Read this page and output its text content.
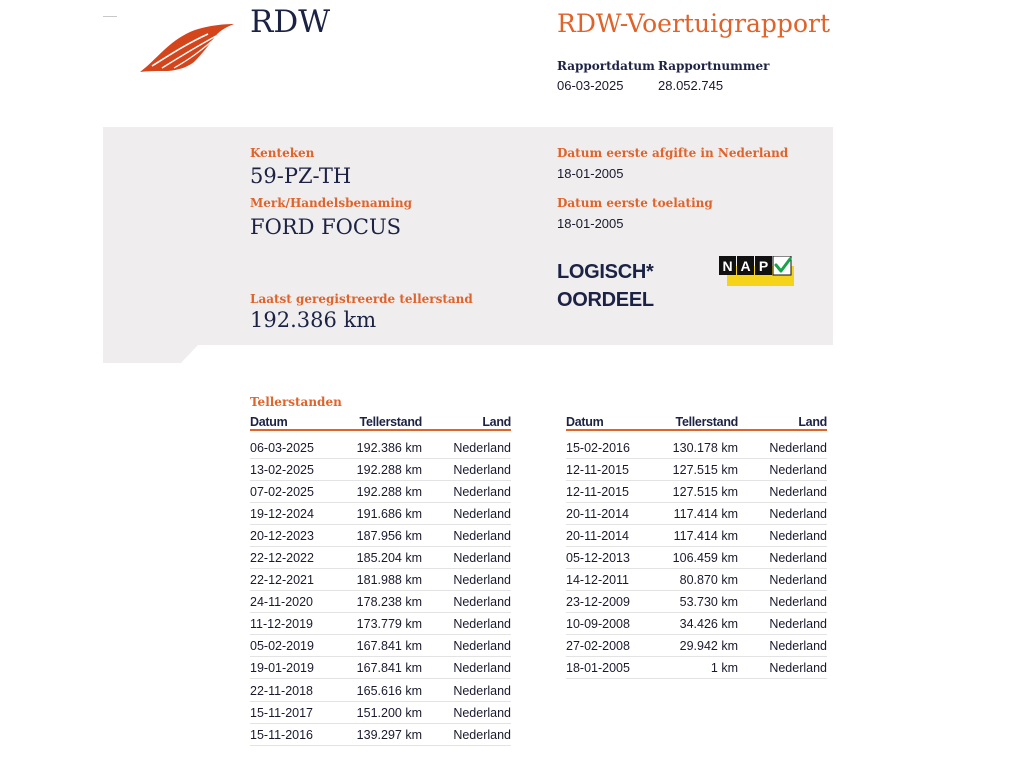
RDW	RDW-Voertuigrapport
Rapportdatum
06-03-2025
Rapportnummer
28.052.745
Kenteken
59-PZ-TH
Merk/Handelsbenaming
FORD FOCUS
Laatst geregistreerde tellerstand
192.386 km
Datum eerste afgifte in Nederland
18-01-2005
Datum eerste toelating
18-01-2005
LOGISCH*
OORDEEL
N A P
Tellerstanden
Datum	Tellerstand	Land
06-03-2025	192.386 km	Nederland
13-02-2025	192.288 km	Nederland
07-02-2025	192.288 km	Nederland
19-12-2024	191.686 km	Nederland
20-12-2023	187.956 km	Nederland
22-12-2022	185.204 km	Nederland
22-12-2021	181.988 km	Nederland
24-11-2020	178.238 km	Nederland
11-12-2019	173.779 km	Nederland
05-02-2019	167.841 km	Nederland
19-01-2019	167.841 km	Nederland
22-11-2018	165.616 km	Nederland
15-11-2017	151.200 km	Nederland
15-11-2016	139.297 km	Nederland
Datum	Tellerstand	Land
15-02-2016	130.178 km	Nederland
12-11-2015	127.515 km	Nederland
12-11-2015	127.515 km	Nederland
20-11-2014	117.414 km	Nederland
20-11-2014	117.414 km	Nederland
05-12-2013	106.459 km	Nederland
14-12-2011	80.870 km	Nederland
23-12-2009	53.730 km	Nederland
10-09-2008	34.426 km	Nederland
27-02-2008	29.942 km	Nederland
18-01-2005	1 km	Nederland
